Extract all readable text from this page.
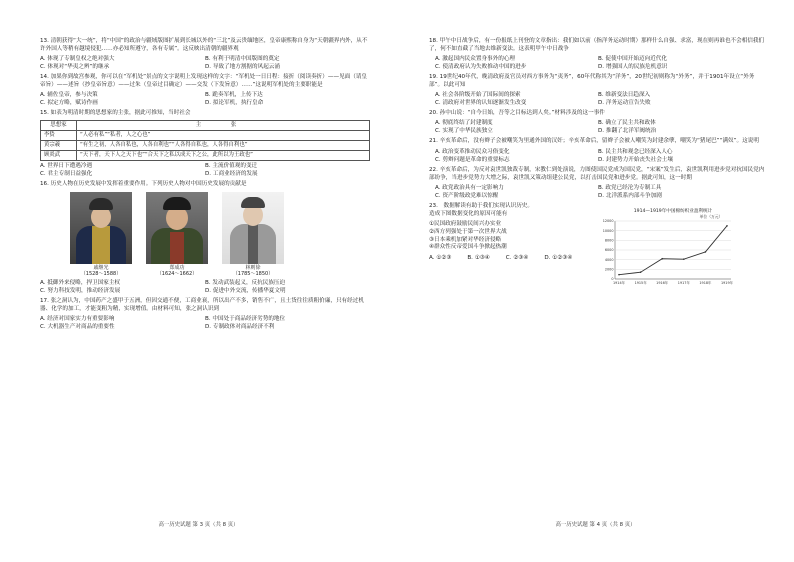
13. 清朝获得“大一统”，将“中国”的政治与疆域版图扩展到长城以外的“三北”及云贵缅地区，皇帝康熙称自身为“天朝疆界内外，从不许外国人等稍有越境侵犯……亦必知所遵守，各有专属”。这反映出清朝的疆界观
A. 体现了专制皇权之绝对强大	B. 有利于明清中国版图的奠定
C. 体现对“华夷之辨”的继承	D. 导致了地方割据的风起云涌
14. 加果你到故宫参观，你可以在“军机处”景点的文字说明上发现这样的文字：“军机处一日日程：接折（阅读奏折）——见面（请皇帝旨）——述旨（抄皇帝旨意）——过朱（皇帝过目确定）——交发（下发旨意）……”这说明军机处的主要职能是
A. 辅佐皇帝，参与决策	B. 跪奏军机，上传下达
C. 拟定方略，赋诗作画	D. 拟论军机，执行皇命
15. 如表为明清时期的思想家的主张，据此可推知，当时社会
思想家	主 张
李贽	“人必有私”“私者，人之心也”
黄宗羲	“有生之初，人各自私也，人各自利也”“人各得自私也，人各得自利也”
顾炎武	“天下者，天下人之天下也”“合天下之私以成天下之公，此所以为王政也”
A. 世界日下遭遇冷遇	B. 主流价值观的变迁
C. 君主专制日益强化	D. 工商业经济的发展
16. 历史人物在历史发展中发挥着重要作用。下列历史人物对中国历史发展的贡献是
戚继光
（1528～1588）
郑成功
（1624～1662）
林则徐
（1785～1850）
A. 抵御外来侵略，捍卫国家主权	B. 发动武装起义，反抗民族压迫
C. 努力科技发明，推动经济发展	D. 促进中外交流，传播华夏文明
17. 张之洞认为，中国药产之盛甲于五洲，但因交通不便，工商业衰，所以出产不多，销售不广，且土货往往质粗价廉，只有经过机器、化学的加工，才能变粗为精，实现增值。由材料可知，张之洞认识到
A. 经济对国家实力有重要影响	B. 中国处于商品经济劣势的地位
C. 大机器生产对商品的重要性	D. 专制政体对商品经济不利
高一历史试题 第 3 页（共 8 页）
18. 甲午中日战争后，有一份报纸上刊登的文章指出：我们如以前（指洋务运动时期）那样什么自强、求富，现在则再谁也不会相信我们了，何不如直截了当地去维新变法。这表明甲午中日战争
A. 激起国内民众置身事外的心理	B. 促使中国开始迈向近代化
C. 使清政府认为失败推动中国的进步	D. 增强国人的民族危机意识
19. 19世纪40年代，晚清政府及官员对西方事务为“夷务”，60年代称其为“洋务”，20世纪初则称为“外务”，并于1901年设立“外务部”。以此可知
A. 社会各阶级开始了国际间的探索	B. 维新变法日趋深入
C. 清政府对世界的认知逐渐发生改变	D. 洋务运动宣告失败
20. 孙中山说：“自今日始，吾等之目标达到人矣。”材料涉及的这一事件
A. 彻底终结了封建制度	B. 确立了民主共和政体
C. 实现了中华民族独立	D. 推翻了北洋军阀统治
21. 辛亥革命后，没有辫子会被嘲笑为里通外国的汉奸；辛亥革命后，留辫子会被人嘲笑为封建余孽，嘲笑为“猪尾巴”“满奴”。这说明
A. 政治变革推动民众习俗变化	B. 民主共和观念已经深入人心
C. 剪辫问题是革命的重要标志	D. 封建势力开始丧失社会土壤
22. 辛亥革命后，为反对袁世凯独裁专制，宋教仁到处演说，力图使国民党成为国民党，“宋案”发生后，袁世凯利用进步党对抗国民党内部纷争，当进步党势力大增之际，袁世凯又策动组建公民党，以打击国民党和进步党。据此可知，这一时期
A. 政党政治具有一定影响力	B. 政党已经沦为专制工具
C. 资产阶级政党难以惊醒	D. 北洋派系内部斗争加剧
23.　数据解读有助于我们实现认识历史。
造成下图数据变化的原因可能有
①民国政府鼓励民间兴办实业
②西方列强处于第一次世界大战
③日本乘机加紧对华经济侵略
④群众性反帝爱国斗争掀起热潮
A. ①②③	B. ①③④	C. ②③④	D. ①②③④
1914—1919年中国棉纺织业盈利统计
单位（万元）
0
2000
4000
6000
8000
10000
12000
1914年	1915年	1916年	1917年	1918年	1919年
高一历史试题 第 4 页（共 8 页）
